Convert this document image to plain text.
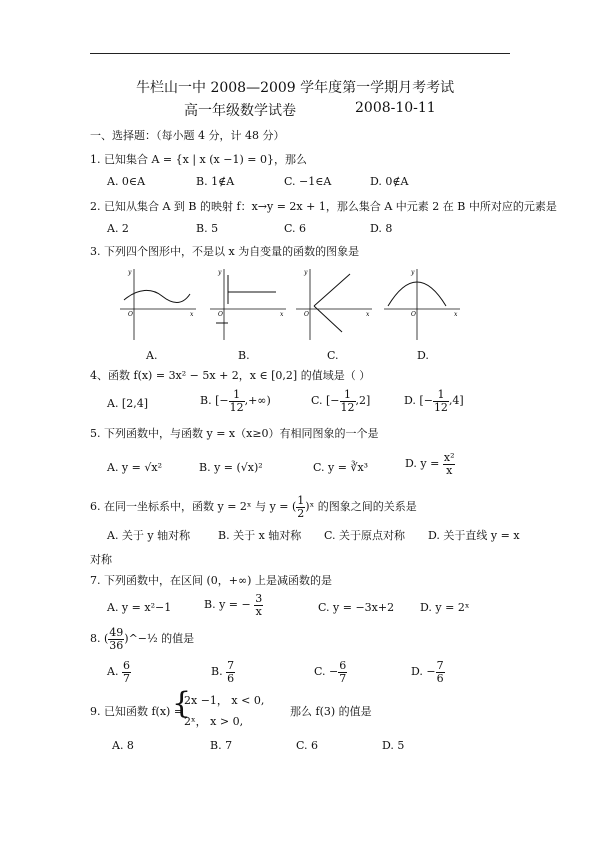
牛栏山一中 2008—2009 学年度第一学期月考考试
高一年级数学试卷	2008-10-11
一、选择题：（每小题 4 分，计 48 分）
1. 已知集合 A = {x | x (x −1) = 0}，那么
A. 0∈A	B. 1∉A	C. −1∈A	D. 0∉A
2. 已知从集合 A 到 B 的映射 f：x→y = 2x + 1，那么集合 A 中元素 2 在 B 中所对应的元素是
A. 2	B. 5	C. 6	D. 8
3. 下列四个图形中，不是以 x 为自变量的函数的图象是
y
x
O
y
x
O
y
x
O
y
x
O
A.	B.	C.	D.
4、函数 f(x) = 3x² − 5x + 2，x ∈ [0,2] 的值域是（ ）
A. [2,4]	B. [− $\frac{1}{12}$ ,+∞)	C. [− $\frac{1}{12} ,2$]	D. [− $\frac{1}{12} ,4$]
5. 下列函数中，与函数 y = x（x≥0）有相同图象的一个是
A. y = √x²	B. y = (√x)²	C. y = ∛x³	D. $y = \frac{\text{x²}}{x}$
6. 在同一坐标系中，函数 y = 2ˣ 与 y = ( $\frac{1}{2}$ )ˣ 的图象之间的关系是
A. 关于 y 轴对称	B. 关于 x 轴对称 C. 关于原点对称 D. 关于直线 y = x
对称
7. 下列函数中，在区间 (0，+∞) 上是减函数的是
A. y = x²−1	B. y = − $\frac{3}{x}$	C. y = −3x+2 D. y = 2ˣ
8. ( $\frac{49}{36}$ )^−½ 的值是
A. $\frac{6}{7}$	B. $\frac{7}{6}$	C. − $\frac{6}{7}$	D. − $\frac{7}{6}$
9. 已知函数 f(x) =
{
2x −1， x < 0,
2ˣ， x > 0,
那么 f(3) 的值是
A. 8	B. 7	C. 6	D. 5
